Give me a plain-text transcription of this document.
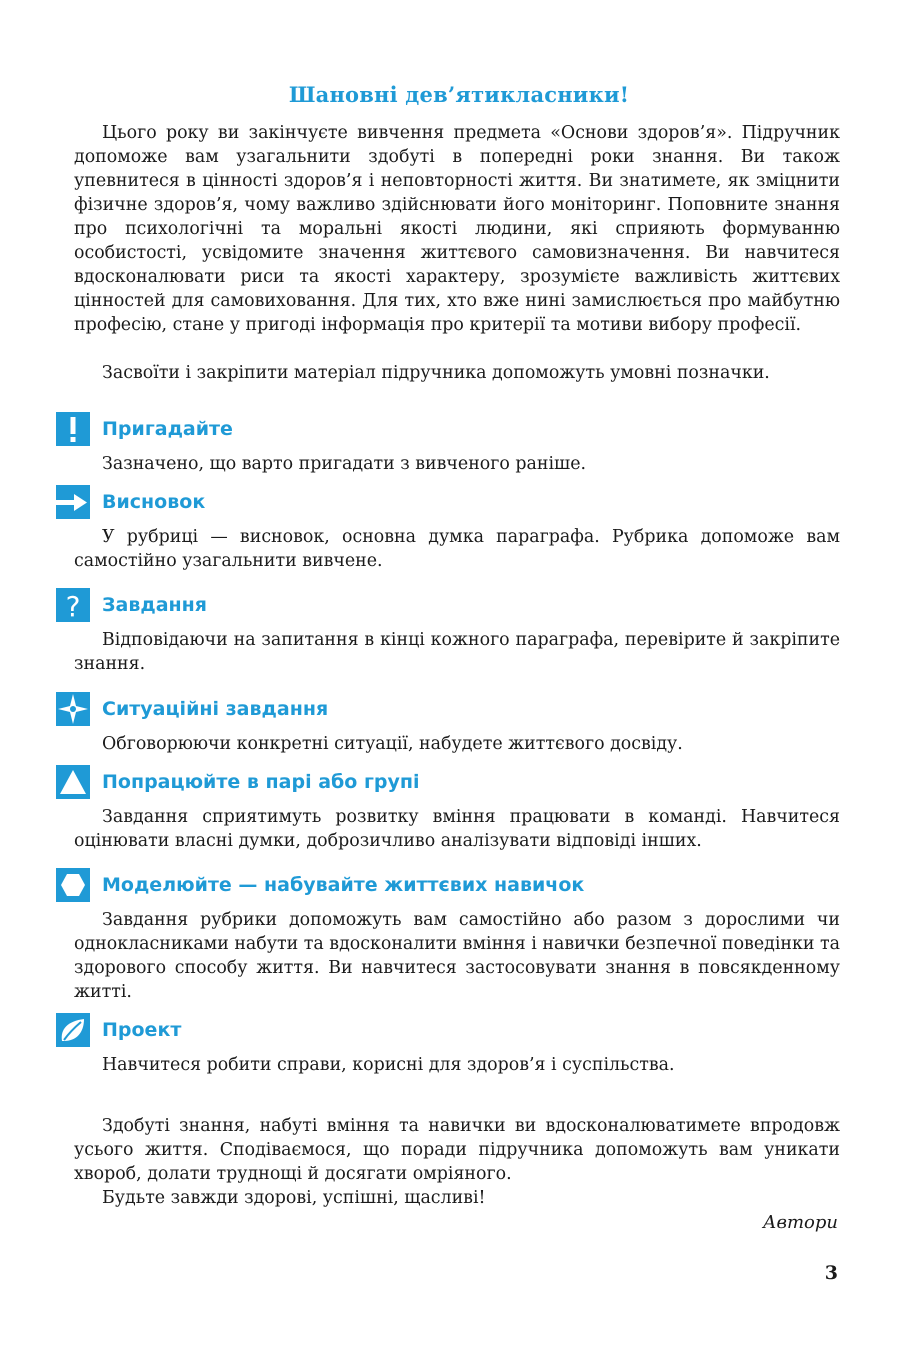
Шановні дев’ятикласники!

Цього року ви закінчуєте вивчення предмета «Основи здоров’я». Підручник допоможе вам узагальнити здобуті в попередні роки знання. Ви також упевнитеся в цінності здоров’я і неповторності життя. Ви знатимете, як зміцнити фізичне здоров’я, чому важливо здійснювати його моніторинг. Поповните знання про психологічні та моральні якості людини, які сприяють формуванню особистості, усвідомите значення життєвого самовизначення. Ви навчитеся вдосконалювати риси та якості характеру, зрозумієте важливість життєвих цінностей для самовиховання. Для тих, хто вже нині замислюється про майбутню професію, стане у пригоді інформація про критерії та мотиви вибору професії.

Засвоїти і закріпити матеріал підручника допоможуть умовні позначки.

Пригадайте

Зазначено, що варто пригадати з вивченого раніше.

Висновок

У рубриці — висновок, основна думка параграфа. Рубрика допоможе вам самостійно узагальнити вивчене.

? Завдання

Відповідаючи на запитання в кінці кожного параграфа, перевірите й закріпите знання.

Ситуаційні завдання

Обговорюючи конкретні ситуації, набудете життєвого досвіду.

Попрацюйте в парі або групі

Завдання сприятимуть розвитку вміння працювати в команді. Навчитеся оцінювати власні думки, доброзичливо аналізувати відповіді інших.

Моделюйте — набувайте життєвих навичок

Завдання рубрики допоможуть вам самостійно або разом з дорослими чи однокласниками набути та вдосконалити вміння і навички безпечної поведінки та здорового способу життя. Ви навчитеся застосовувати знання в повсякденному житті.

Проект

Навчитеся робити справи, корисні для здоров’я і суспільства.

Здобуті знання, набуті вміння та навички ви вдосконалюватимете впродовж усього життя. Сподіваємося, що поради підручника допоможуть вам уникати хвороб, долати труднощі й досягати омріяного.

Будьте завжди здорові, успішні, щасливі!

Автори
3
